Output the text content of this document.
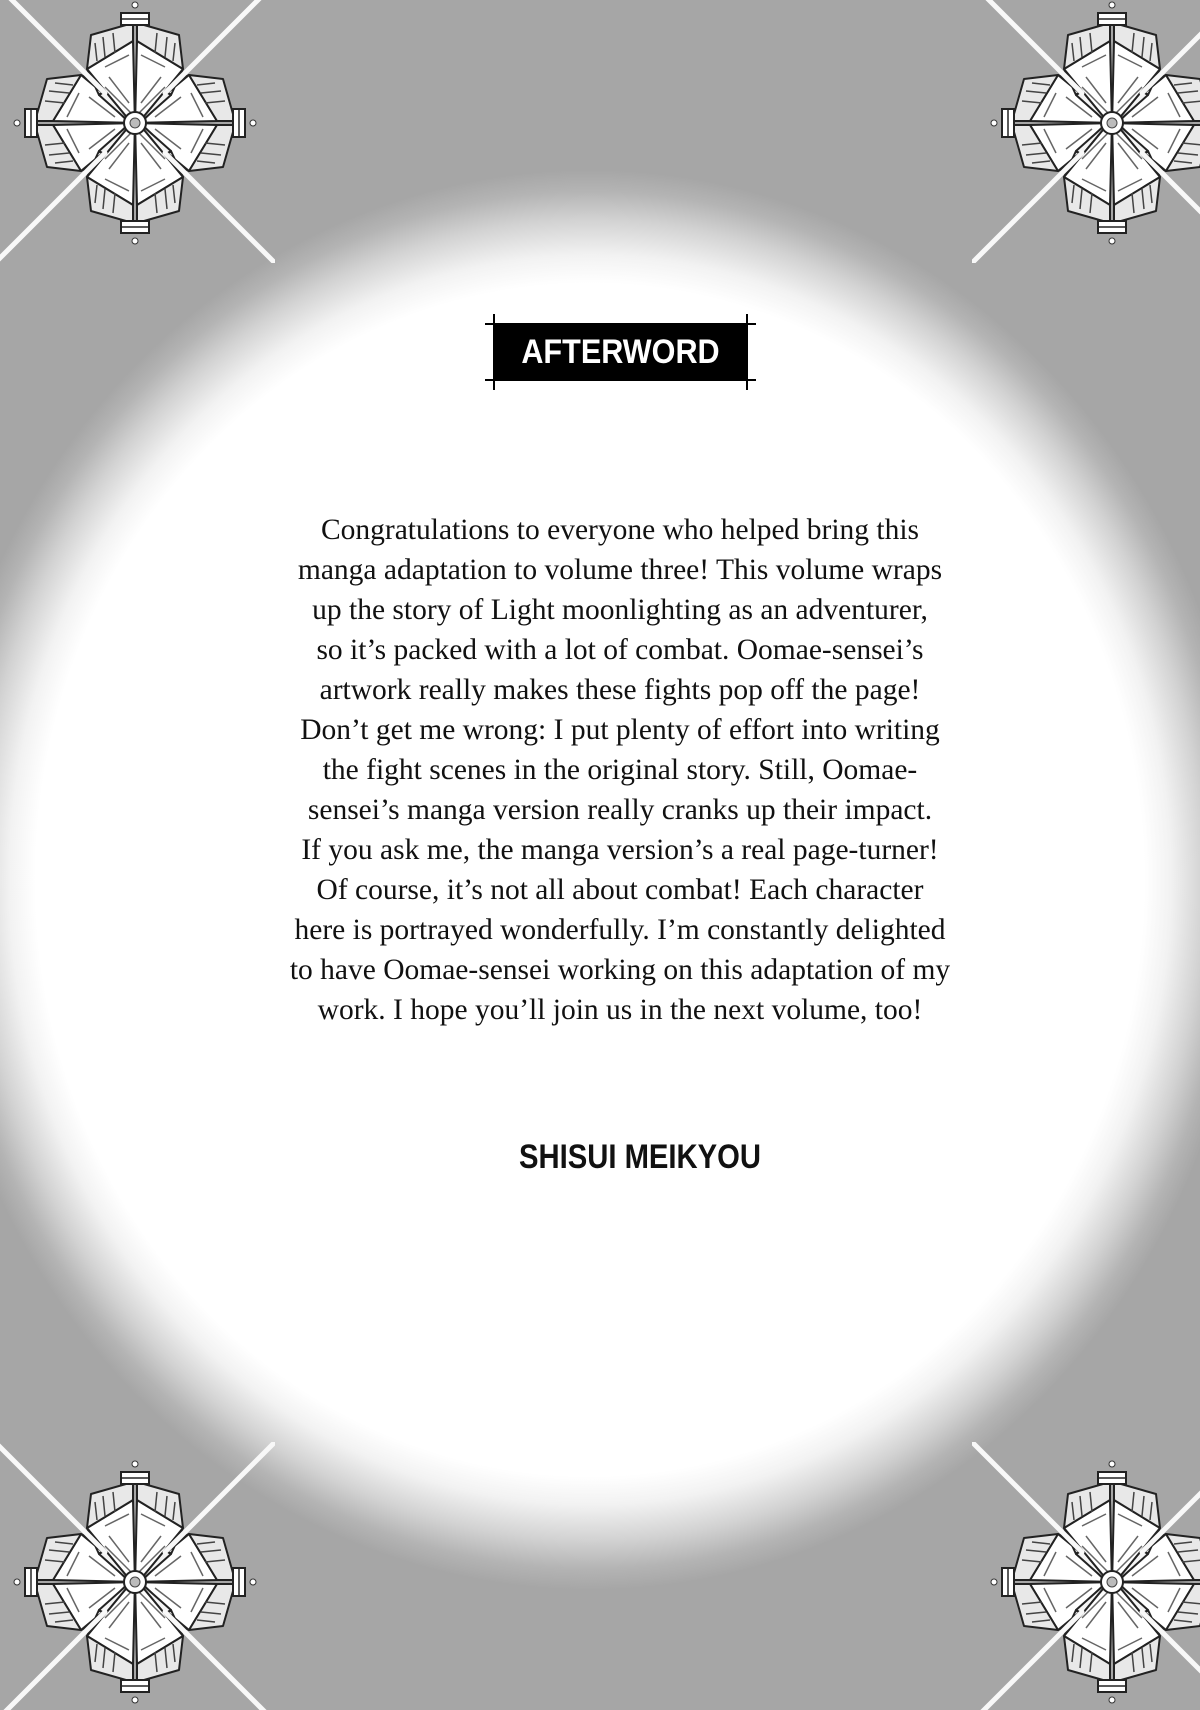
AFTERWORD

Congratulations to everyone who helped bring this

manga adaptation to volume three! This volume wraps

up the story of Light moonlighting as an adventurer,

so it’s packed with a lot of combat. Oomae-sensei’s

artwork really makes these fights pop off the page!

Don’t get me wrong: I put plenty of effort into writing

the fight scenes in the original story. Still, Oomae-

sensei’s manga version really cranks up their impact.

If you ask me, the manga version’s a real page-turner!

Of course, it’s not all about combat! Each character

here is portrayed wonderfully. I’m constantly delighted

to have Oomae-sensei working on this adaptation of my

work. I hope you’ll join us in the next volume, too!

SHISUI MEIKYOU
